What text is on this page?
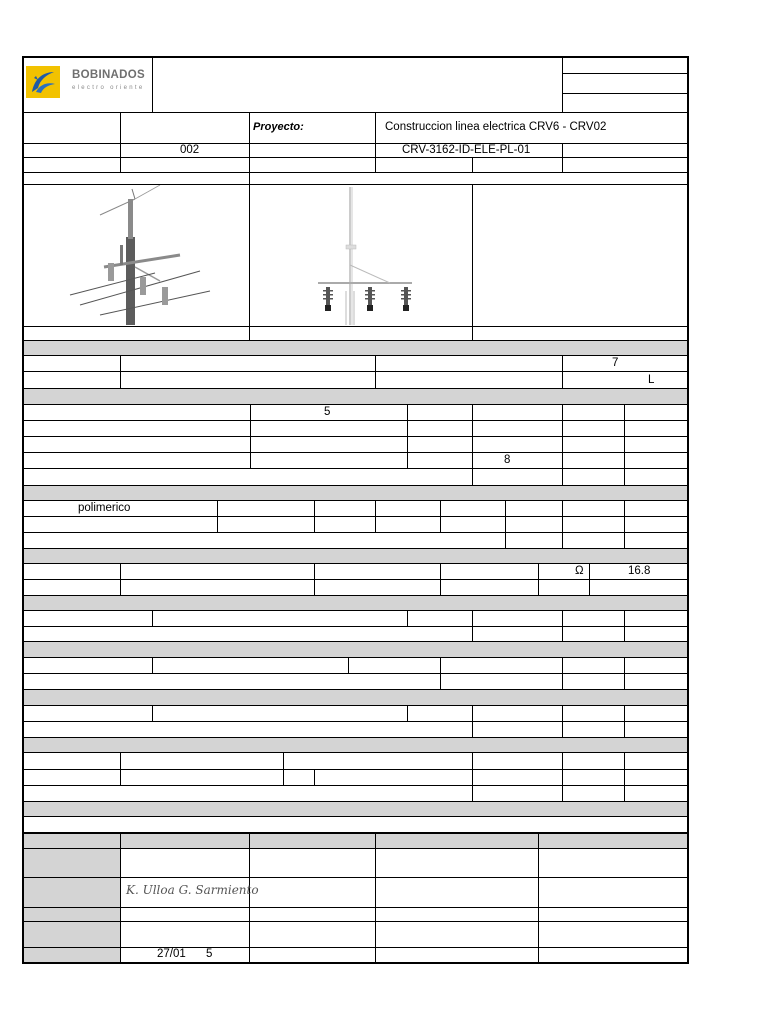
BOBINADOS
electro oriente
Proyecto:	Construccion linea electrica CRV6 - CRV02
002	CRV-3162-ID-ELE-PL-01
7
L
5
8
polimerico
Ω	16.8
K. Ulloa G. Sarmiento
27/01 5
